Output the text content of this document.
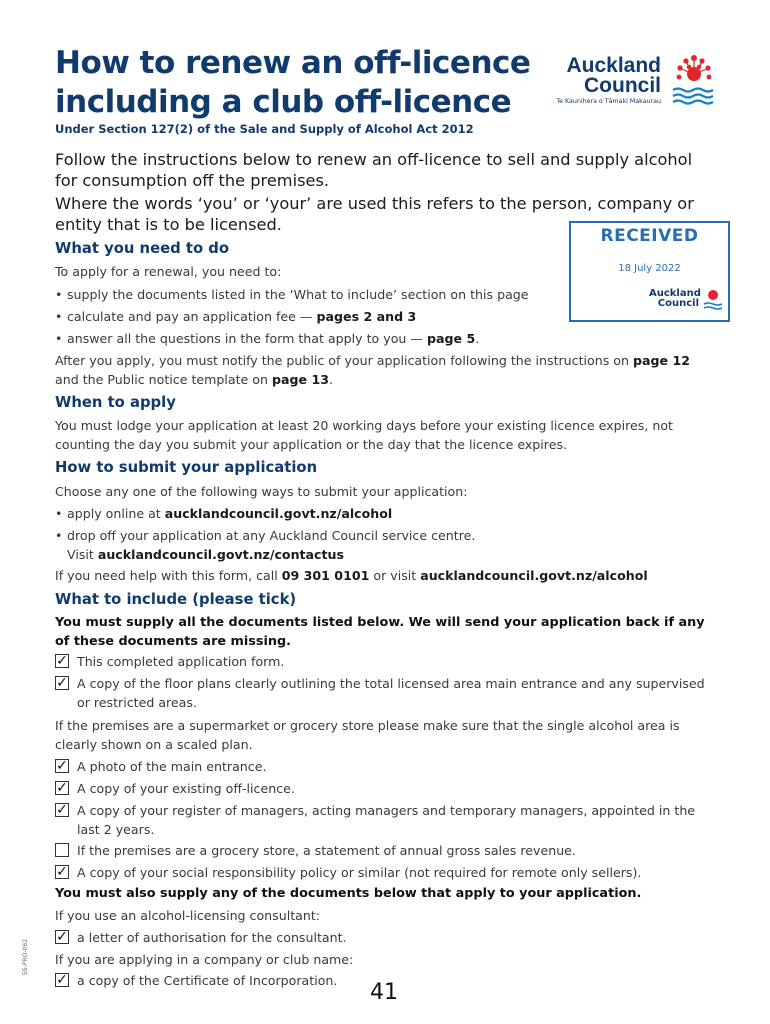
How to renew an off-licence
including a club off-licence
Under Section 127(2) of the Sale and Supply of Alcohol Act 2012
Auckland
Council
Te Kaunihera o Tāmaki Makaurau
Follow the instructions below to renew an off-licence to sell and supply alcohol for consumption off the premises.
Where the words ‘you’ or ‘your’ are used this refers to the person, company or entity that is to be licensed.
RECEIVED
18 July 2022
Auckland
Council
What you need to do
To apply for a renewal, you need to:
• supply the documents listed in the ‘What to include’ section on this page
• calculate and pay an application fee — pages 2 and 3
• answer all the questions in the form that apply to you — page 5.
After you apply, you must notify the public of your application following the instructions on page 12
and the Public notice template on page 13.
When to apply
You must lodge your application at least 20 working days before your existing licence expires, not
counting the day you submit your application or the day that the licence expires.
How to submit your application
Choose any one of the following ways to submit your application:
• apply online at aucklandcouncil.govt.nz/alcohol
• drop off your application at any Auckland Council service centre.
Visit aucklandcouncil.govt.nz/contactus
If you need help with this form, call 09 301 0101 or visit aucklandcouncil.govt.nz/alcohol
What to include (please tick)
You must supply all the documents listed below. We will send your application back if any
of these documents are missing.
✓ This completed application form.
✓ A copy of the floor plans clearly outlining the total licensed area main entrance and any supervised
or restricted areas.
If the premises are a supermarket or grocery store please make sure that the single alcohol area is
clearly shown on a scaled plan.
✓ A photo of the main entrance.
✓ A copy of your existing off-licence.
✓ A copy of your register of managers, acting managers and temporary managers, appointed in the
last 2 years.
If the premises are a grocery store, a statement of annual gross sales revenue.
✓ A copy of your social responsibility policy or similar (not required for remote only sellers).
You must also supply any of the documents below that apply to your application.
If you use an alcohol-licensing consultant:
✓ a letter of authorisation for the consultant.
If you are applying in a company or club name:
✓ a copy of the Certificate of Incorporation. 41
SS-PRO-062
